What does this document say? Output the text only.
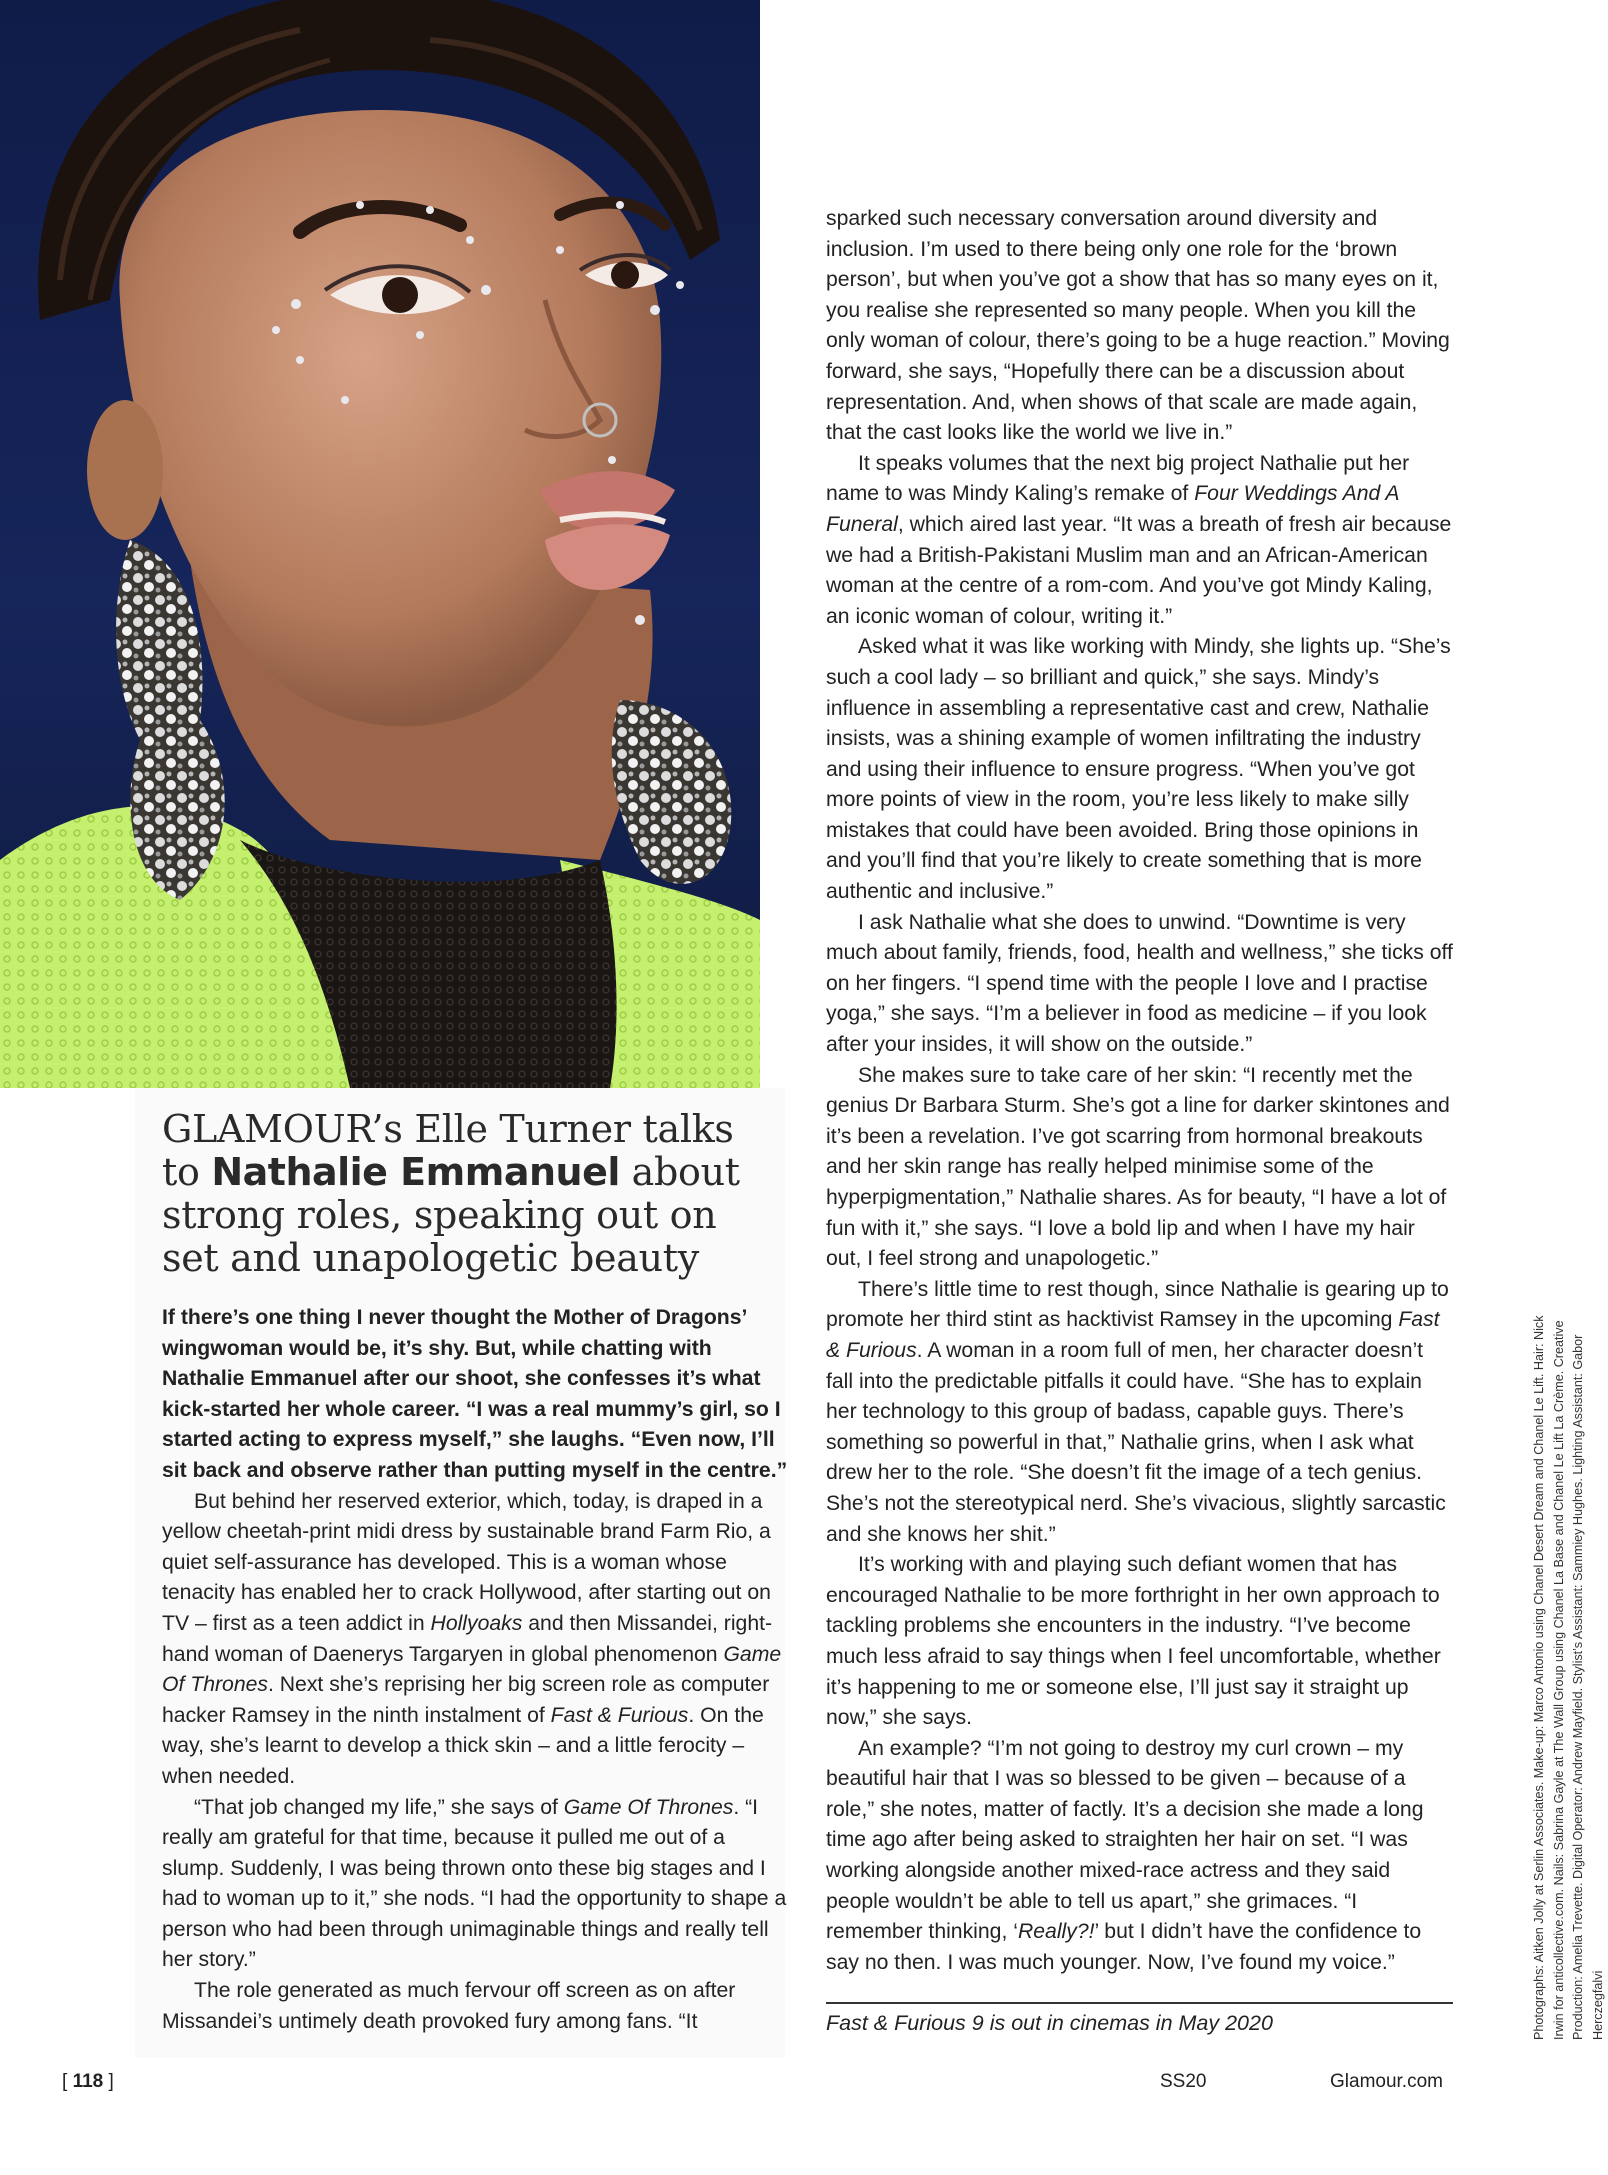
GLAMOUR’s Elle Turner talks to Nathalie Emmanuel about strong roles, speaking out on set and unapologetic beauty

If there’s one thing I never thought the Mother of Dragons’ wingwoman would be, it’s shy. But, while chatting with Nathalie Emmanuel after our shoot, she confesses it’s what kick-started her whole career. “I was a real mummy’s girl, so I started acting to express myself,” she laughs. “Even now, I’ll sit back and observe rather than putting myself in the centre.”

But behind her reserved exterior, which, today, is draped in a yellow cheetah-print midi dress by sustainable brand Farm Rio, a quiet self-assurance has developed. This is a woman whose tenacity has enabled her to crack Hollywood, after starting out on TV – first as a teen addict in Hollyoaks and then Missandei, right-hand woman of Daenerys Targaryen in global phenomenon Game Of Thrones. Next she’s reprising her big screen role as computer hacker Ramsey in the ninth instalment of Fast & Furious. On the way, she’s learnt to develop a thick skin – and a little ferocity – when needed.

“That job changed my life,” she says of Game Of Thrones. “I really am grateful for that time, because it pulled me out of a slump. Suddenly, I was being thrown onto these big stages and I had to woman up to it,” she nods. “I had the opportunity to shape a person who had been through unimaginable things and really tell her story.”

The role generated as much fervour off screen as on after Missandei’s untimely death provoked fury among fans. “It

sparked such necessary conversation around diversity and inclusion. I’m used to there being only one role for the ‘brown person’, but when you’ve got a show that has so many eyes on it, you realise she represented so many people. When you kill the only woman of colour, there’s going to be a huge reaction.” Moving forward, she says, “Hopefully there can be a discussion about representation. And, when shows of that scale are made again, that the cast looks like the world we live in.”

It speaks volumes that the next big project Nathalie put her name to was Mindy Kaling’s remake of Four Weddings And A Funeral, which aired last year. “It was a breath of fresh air because we had a British-Pakistani Muslim man and an African-American woman at the centre of a rom-com. And you’ve got Mindy Kaling, an iconic woman of colour, writing it.”

Asked what it was like working with Mindy, she lights up. “She’s such a cool lady – so brilliant and quick,” she says. Mindy’s influence in assembling a representative cast and crew, Nathalie insists, was a shining example of women infiltrating the industry and using their influence to ensure progress. “When you’ve got more points of view in the room, you’re less likely to make silly mistakes that could have been avoided. Bring those opinions in and you’ll find that you’re likely to create something that is more authentic and inclusive.”

I ask Nathalie what she does to unwind. “Downtime is very much about family, friends, food, health and wellness,” she ticks off on her fingers. “I spend time with the people I love and I practise yoga,” she says. “I’m a believer in food as medicine – if you look after your insides, it will show on the outside.”

She makes sure to take care of her skin: “I recently met the genius Dr Barbara Sturm. She’s got a line for darker skintones and it’s been a revelation. I’ve got scarring from hormonal breakouts and her skin range has really helped minimise some of the hyperpigmentation,” Nathalie shares. As for beauty, “I have a lot of fun with it,” she says. “I love a bold lip and when I have my hair out, I feel strong and unapologetic.”

There’s little time to rest though, since Nathalie is gearing up to promote her third stint as hacktivist Ramsey in the upcoming Fast & Furious. A woman in a room full of men, her character doesn’t fall into the predictable pitfalls it could have. “She has to explain her technology to this group of badass, capable guys. There’s something so powerful in that,” Nathalie grins, when I ask what drew her to the role. “She doesn’t fit the image of a tech genius. She’s not the stereotypical nerd. She’s vivacious, slightly sarcastic and she knows her shit.”

It’s working with and playing such defiant women that has encouraged Nathalie to be more forthright in her own approach to tackling problems she encounters in the industry. “I’ve become much less afraid to say things when I feel uncomfortable, whether it’s happening to me or someone else, I’ll just say it straight up now,” she says.

An example? “I’m not going to destroy my curl crown – my beautiful hair that I was so blessed to be given – because of a role,” she notes, matter of factly. It’s a decision she made a long time ago after being asked to straighten her hair on set. “I was working alongside another mixed-race actress and they said people wouldn’t be able to tell us apart,” she grimaces. “I remember thinking, ‘Really?!’ but I didn’t have the confidence to say no then. I was much younger. Now, I’ve found my voice.”

Fast & Furious 9 is out in cinemas in May 2020	Photographs: Aitken Jolly at Serlin Associates. Make-up: Marco Antonio using Chanel Desert Dream and Chanel Le Lift. Hair: Nick Irwin for anticollective.com. Nails: Sabrina Gayle at The Wall Group using Chanel La Base and Chanel Le Lift La Crème. Creative Production: Amelia Trevette. Digital Operator: Andrew Mayfield. Stylist’s Assistant: Sammiey Hughes. Lighting Assistant: Gabor Herczegfalvi

[ 118 ]	SS20	Glamour.com
